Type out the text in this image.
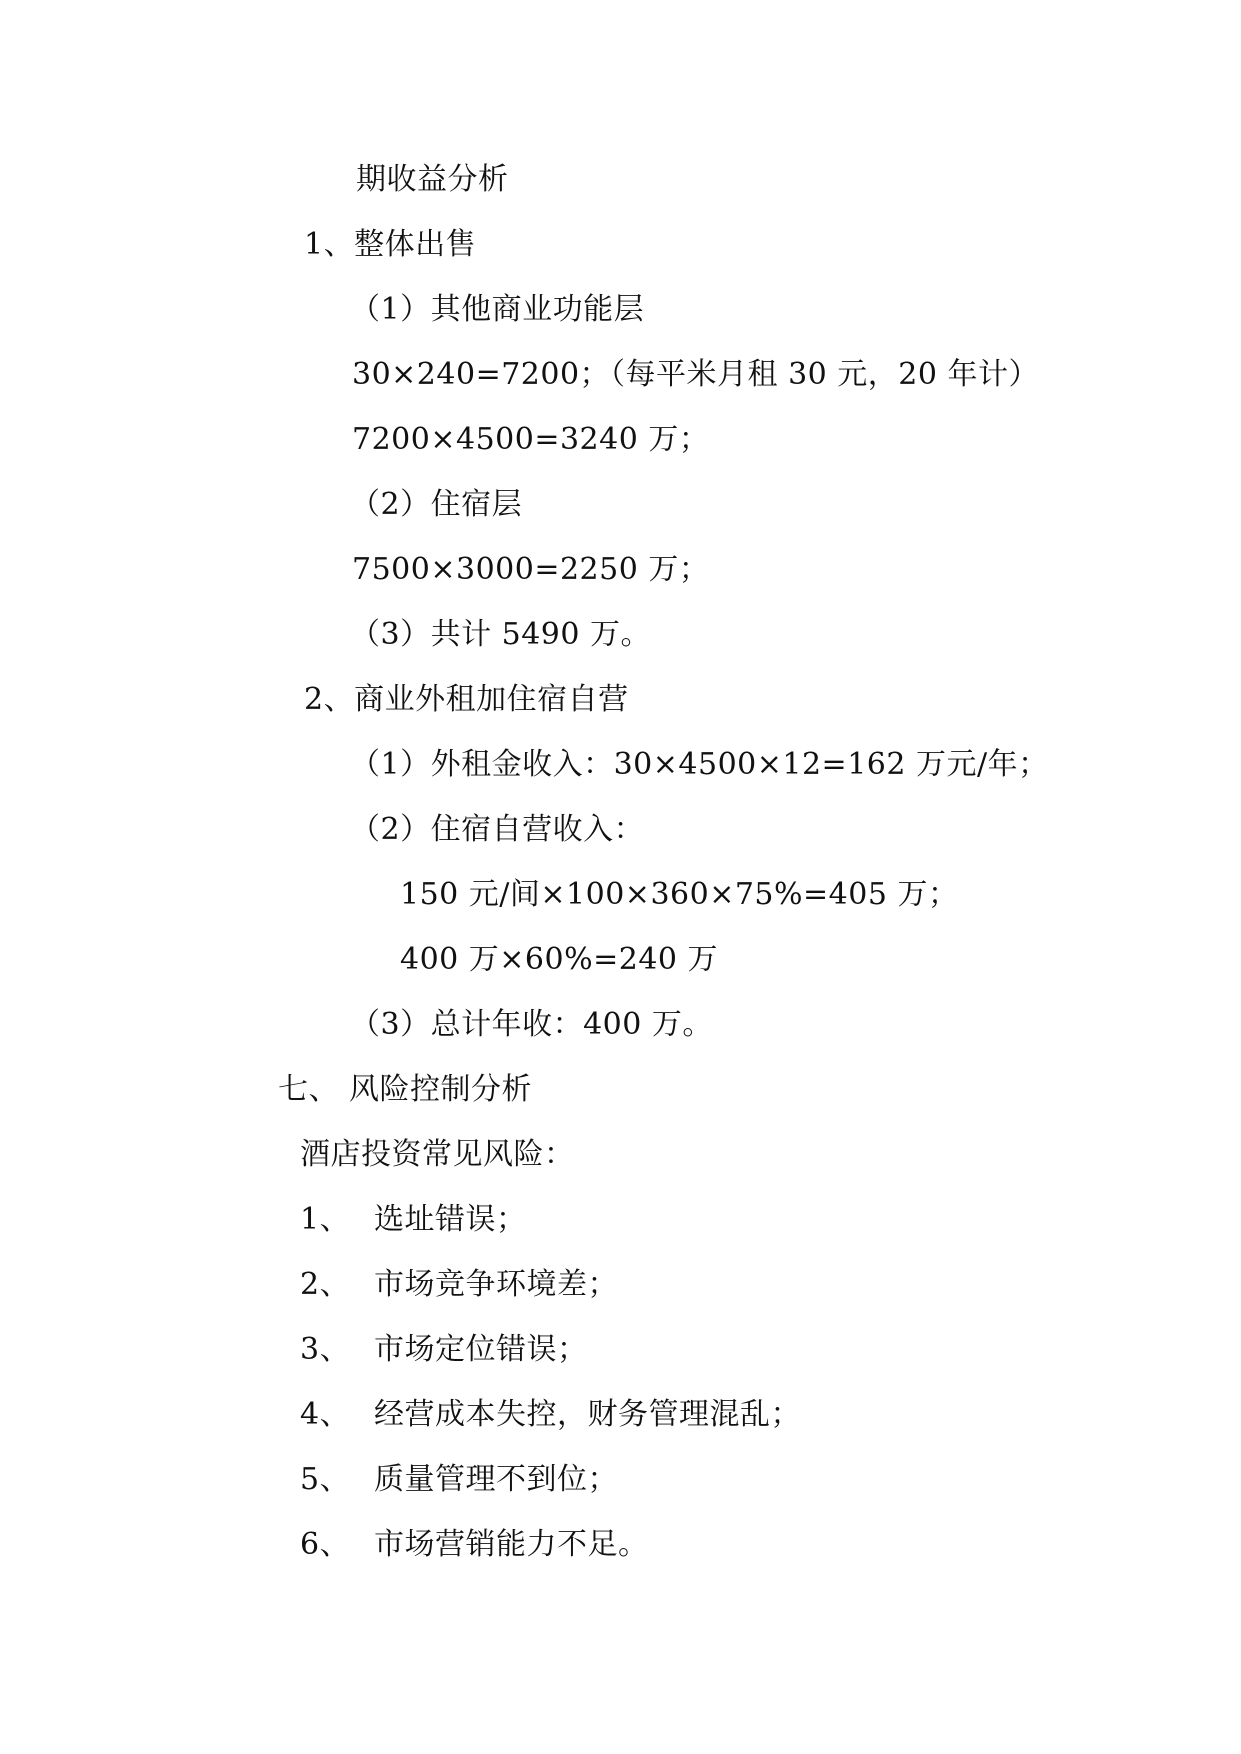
期收益分析
1、整体出售
（1）其他商业功能层
30×240=7200；（每平米月租 30 元，20 年计）
7200×4500=3240 万；
（2）住宿层
7500×3000=2250 万；
（3）共计 5490 万。
2、商业外租加住宿自营
（1）外租金收入：30×4500×12=162 万元/年；
（2）住宿自营收入：
150 元/间×100×360×75%=405 万；
400 万×60%=240 万
（3）总计年收：400 万。
七、 风险控制分析
酒店投资常见风险：
1、 选址错误；
2、 市场竞争环境差；
3、 市场定位错误；
4、 经营成本失控，财务管理混乱；
5、 质量管理不到位；
6、 市场营销能力不足。
